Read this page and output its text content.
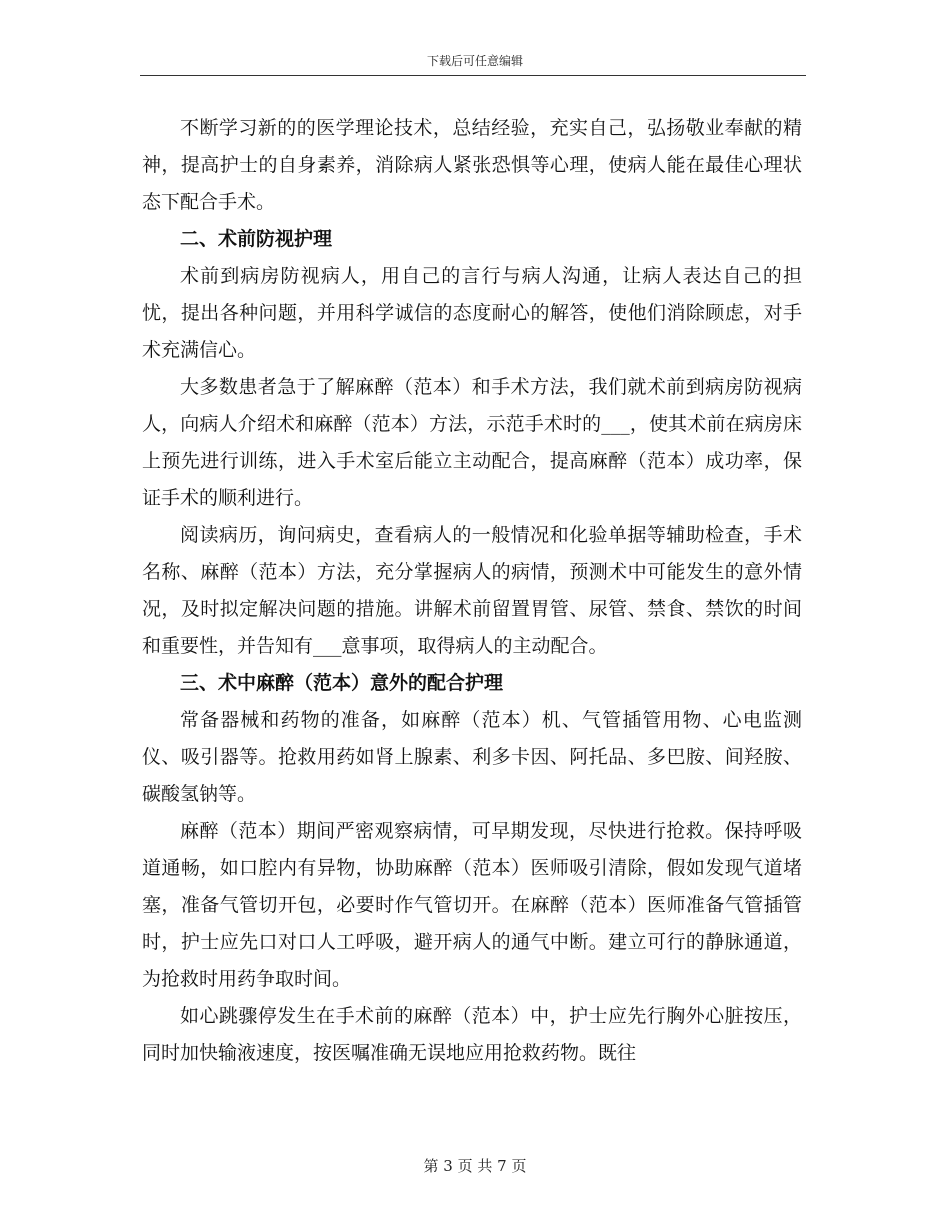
下载后可任意编辑

不断学习新的的医学理论技术，总结经验，充实自己，弘扬敬业奉献的精神，提高护士的自身素养，消除病人紧张恐惧等心理，使病人能在最佳心理状态下配合手术。

二、术前防视护理

术前到病房防视病人，用自己的言行与病人沟通，让病人表达自己的担忧，提出各种问题，并用科学诚信的态度耐心的解答，使他们消除顾虑，对手术充满信心。

大多数患者急于了解麻醉（范本）和手术方法，我们就术前到病房防视病人，向病人介绍术和麻醉（范本）方法，示范手术时的___，使其术前在病房床上预先进行训练，进入手术室后能立主动配合，提高麻醉（范本）成功率，保证手术的顺利进行。

阅读病历，询问病史，查看病人的一般情况和化验单据等辅助检查，手术名称、麻醉（范本）方法，充分掌握病人的病情，预测术中可能发生的意外情况，及时拟定解决问题的措施。讲解术前留置胃管、尿管、禁食、禁饮的时间和重要性，并告知有___意事项，取得病人的主动配合。

三、术中麻醉（范本）意外的配合护理

常备器械和药物的准备，如麻醉（范本）机、气管插管用物、心电监测仪、吸引器等。抢救用药如肾上腺素、利多卡因、阿托品、多巴胺、间羟胺、碳酸氢钠等。

麻醉（范本）期间严密观察病情，可早期发现，尽快进行抢救。保持呼吸道通畅，如口腔内有异物，协助麻醉（范本）医师吸引清除，假如发现气道堵塞，准备气管切开包，必要时作气管切开。在麻醉（范本）医师准备气管插管时，护士应先口对口人工呼吸，避开病人的通气中断。建立可行的静脉通道，为抢救时用药争取时间。

如心跳骤停发生在手术前的麻醉（范本）中，护士应先行胸外心脏按压，同时加快输液速度，按医嘱准确无误地应用抢救药物。既往

第 3 页 共 7 页
